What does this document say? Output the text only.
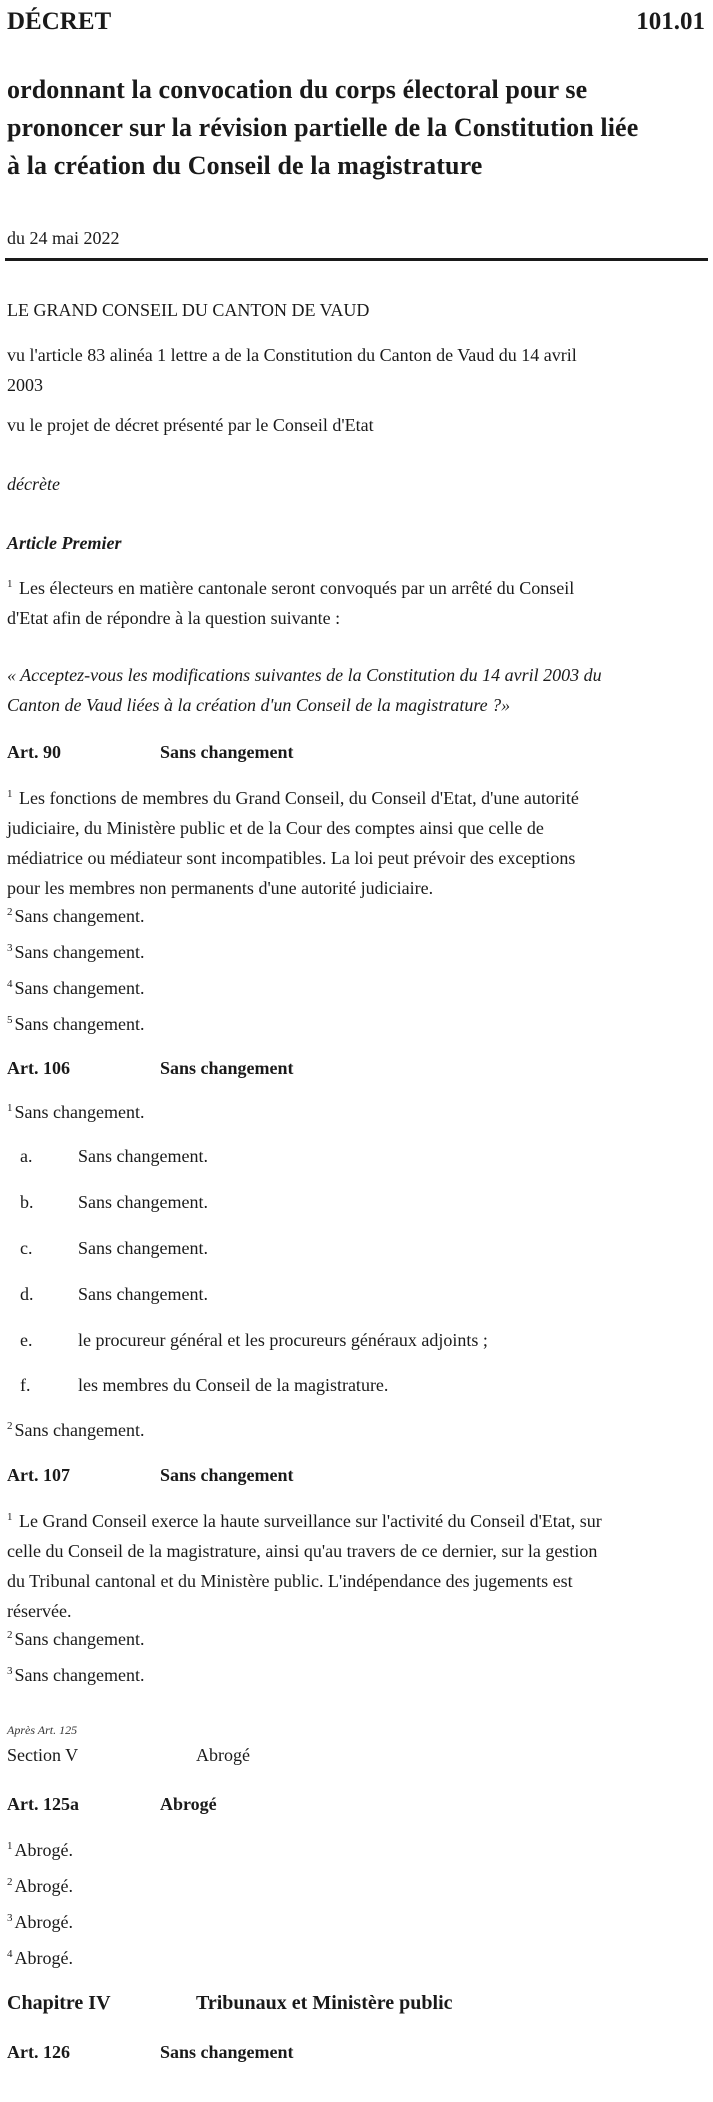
DÉCRET	101.01
ordonnant la convocation du corps électoral pour se
prononcer sur la révision partielle de la Constitution liée
à la création du Conseil de la magistrature
du 24 mai 2022
LE GRAND CONSEIL DU CANTON DE VAUD
vu l'article 83 alinéa 1 lettre a de la Constitution du Canton de Vaud du 14 avril
2003
vu le projet de décret présenté par le Conseil d'Etat
décrète
Article Premier
$^1$ Les électeurs en matière cantonale seront convoqués par un arrêté du Conseil
d'Etat afin de répondre à la question suivante :
« Acceptez-vous les modifications suivantes de la Constitution du 14 avril 2003 du
Canton de Vaud liées à la création d'un Conseil de la magistrature ?»
Art. 90	Sans changement
$^1$ Les fonctions de membres du Grand Conseil, du Conseil d'Etat, d'une autorité
judiciaire, du Ministère public et de la Cour des comptes ainsi que celle de
médiatrice ou médiateur sont incompatibles. La loi peut prévoir des exceptions
pour les membres non permanents d'une autorité judiciaire.
$^2$ Sans changement.
$^3$ Sans changement.
$^4$ Sans changement.
$^5$ Sans changement.
Art. 106	Sans changement
$^1$ Sans changement.
a.	Sans changement.
b. Sans changement.
c.	Sans changement.
d. Sans changement.
e.	le procureur général et les procureurs généraux adjoints ;
f.	les membres du Conseil de la magistrature.
$^2$ Sans changement.
Art. 107	Sans changement
$^1$ Le Grand Conseil exerce la haute surveillance sur l'activité du Conseil d'Etat, sur
celle du Conseil de la magistrature, ainsi qu'au travers de ce dernier, sur la gestion
du Tribunal cantonal et du Ministère public. L'indépendance des jugements est
réservée.
$^2$ Sans changement.
$^3$ Sans changement.
Après Art. 125
Section V	Abrogé
Art. 125a	Abrogé
$^1$ Abrogé.
$^2$ Abrogé.
$^3$ Abrogé.
$^4$ Abrogé.
Chapitre IV	Tribunaux et Ministère public
Art. 126	Sans changement
